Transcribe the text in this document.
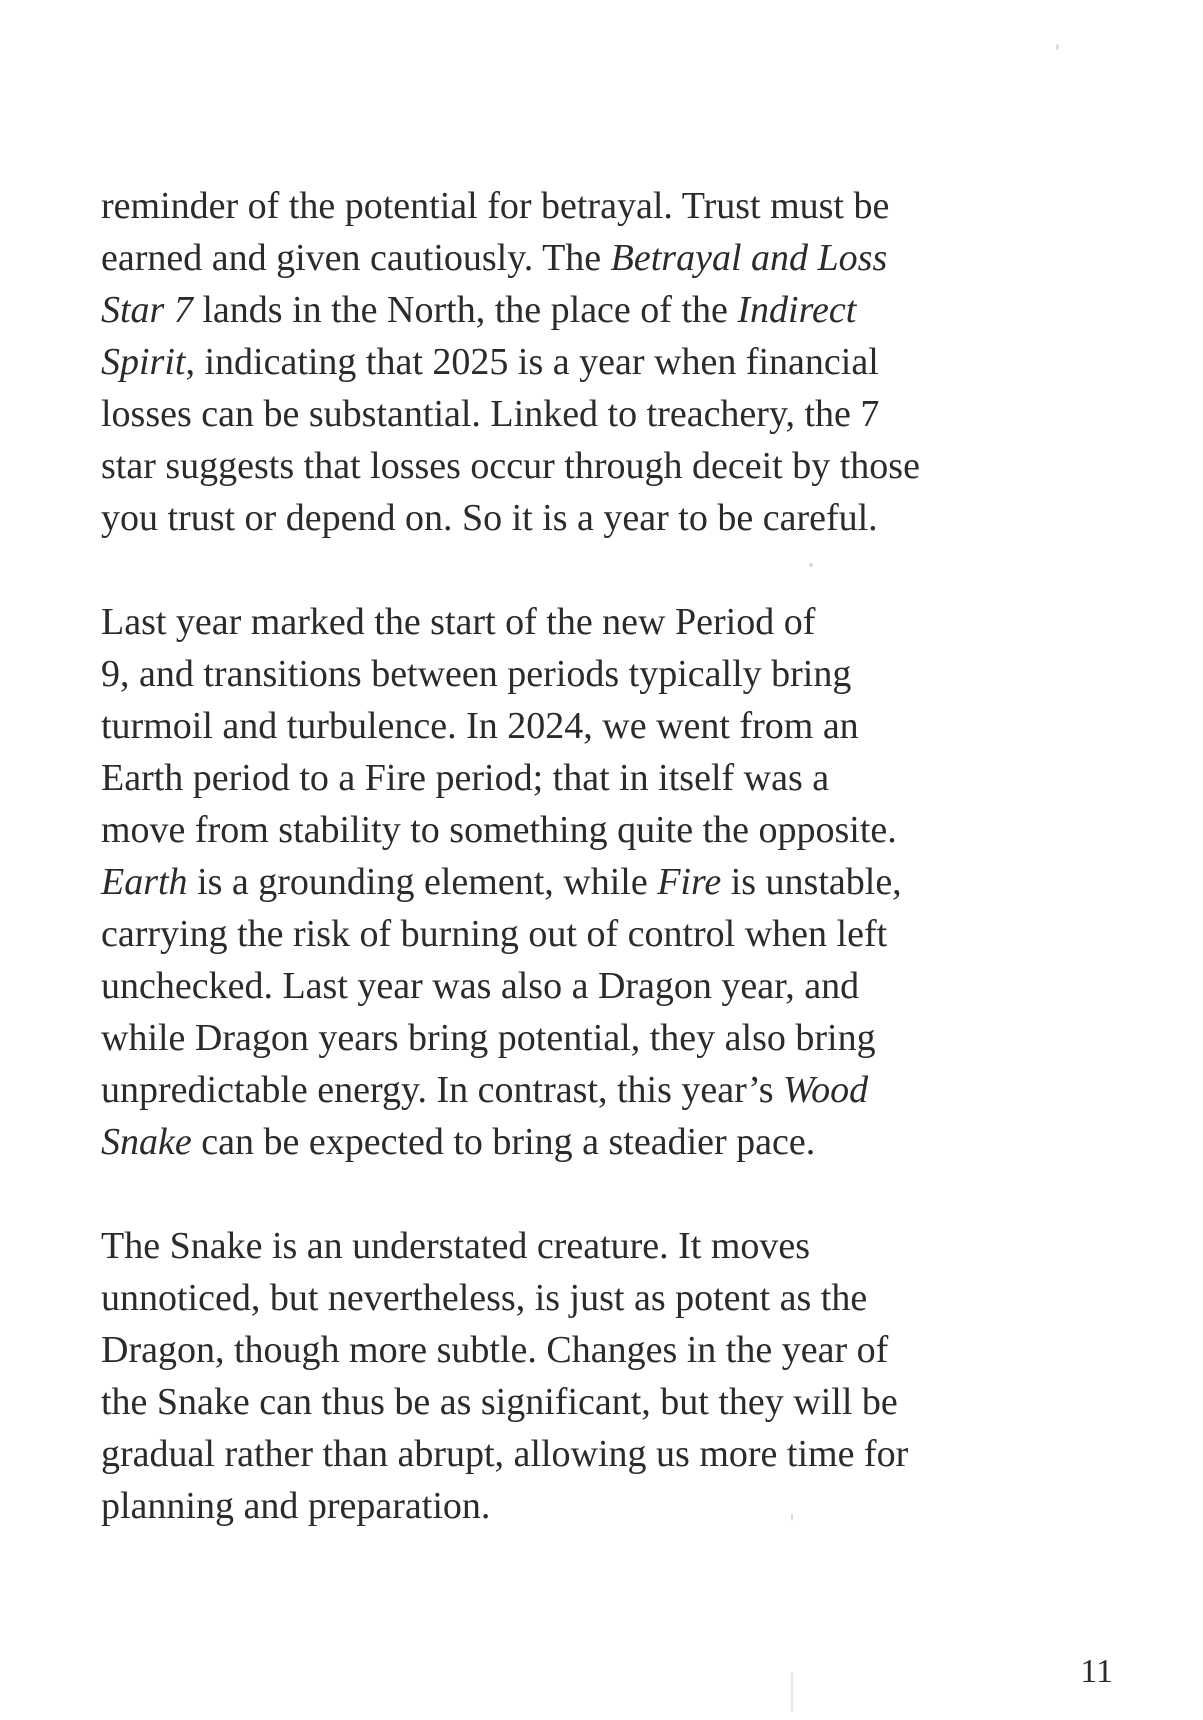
reminder of the potential for betrayal. Trust must be
earned and given cautiously. The Betrayal and Loss
Star 7 lands in the North, the place of the Indirect
Spirit, indicating that 2025 is a year when financial
losses can be substantial. Linked to treachery, the 7
star suggests that losses occur through deceit by those
you trust or depend on. So it is a year to be careful.
Last year marked the start of the new Period of
9, and transitions between periods typically bring
turmoil and turbulence. In 2024, we went from an
Earth period to a Fire period; that in itself was a
move from stability to something quite the opposite.
Earth is a grounding element, while Fire is unstable,
carrying the risk of burning out of control when left
unchecked. Last year was also a Dragon year, and
while Dragon years bring potential, they also bring
unpredictable energy. In contrast, this year’s Wood
Snake can be expected to bring a steadier pace.
The Snake is an understated creature. It moves
unnoticed, but nevertheless, is just as potent as the
Dragon, though more subtle. Changes in the year of
the Snake can thus be as significant, but they will be
gradual rather than abrupt, allowing us more time for
planning and preparation.
11
